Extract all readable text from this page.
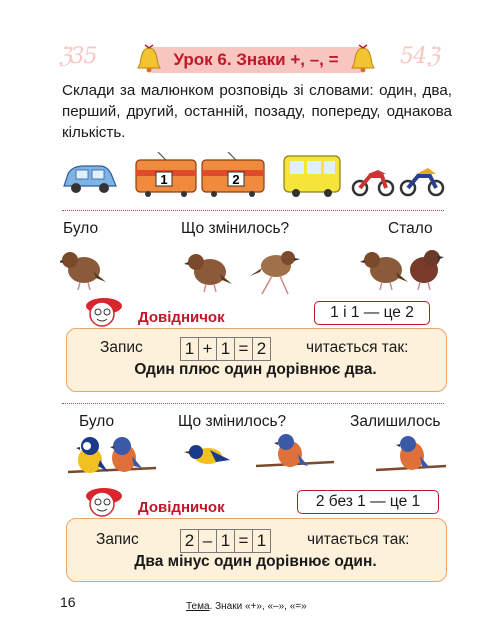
ℨ35	54ℨ
Урок 6. Знаки +, –, =
Склади за малюнком розповідь зі словами: один, два, перший, другий, останній, позаду, попереду, однакова кількість.
1	2
Було	Що змінилось?	Стало
Довідничок	1 і 1 — це 2
Запис 1 + 1 = 2	читається так:
Один плюс один дорівнює два.
Було	Що змінилось?	Залишилось
Довідничок	2 без 1 — це 1
Запис	2 – 1 = 1	читається так:
Два мінус один дорівнює один.
16	Тема. Знаки «+», «–», «=»
